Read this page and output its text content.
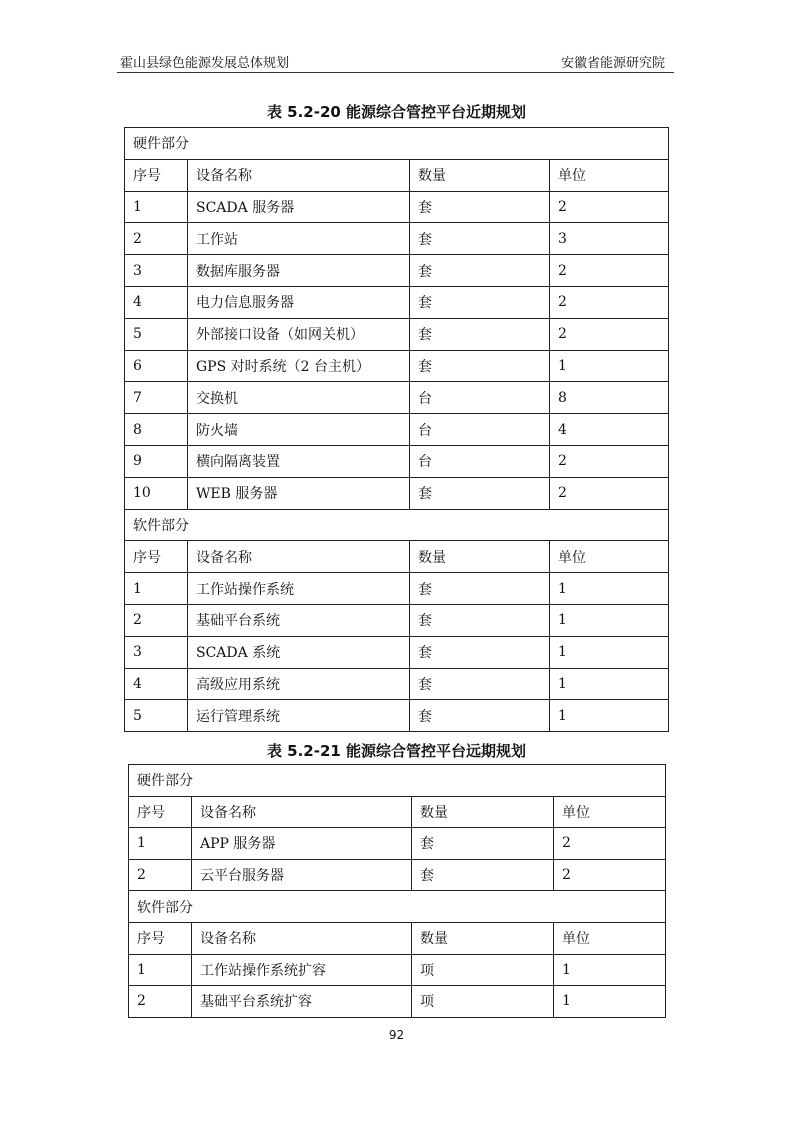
霍山县绿色能源发展总体规划	安徽省能源研究院
表 5.2-20 能源综合管控平台近期规划
硬件部分			
序号	设备名称	数量	单位
1	SCADA 服务器	套	2
2	工作站	套	3
3	数据库服务器	套	2
4	电力信息服务器	套	2
5	外部接口设备（如网关机）	套	2
6	GPS 对时系统（2 台主机）	套	1
7	交换机	台	8
8	防火墙	台	4
9	横向隔离装置	台	2
10	WEB 服务器	套	2
软件部分			
序号	设备名称	数量	单位
1	工作站操作系统	套	1
2	基础平台系统	套	1
3	SCADA 系统	套	1
4	高级应用系统	套	1
5	运行管理系统	套	1
表 5.2-21 能源综合管控平台远期规划
硬件部分			
序号	设备名称	数量	单位
1	APP 服务器	套	2
2	云平台服务器	套	2
软件部分			
序号	设备名称	数量	单位
1	工作站操作系统扩容	项	1
2	基础平台系统扩容	项	1
92
